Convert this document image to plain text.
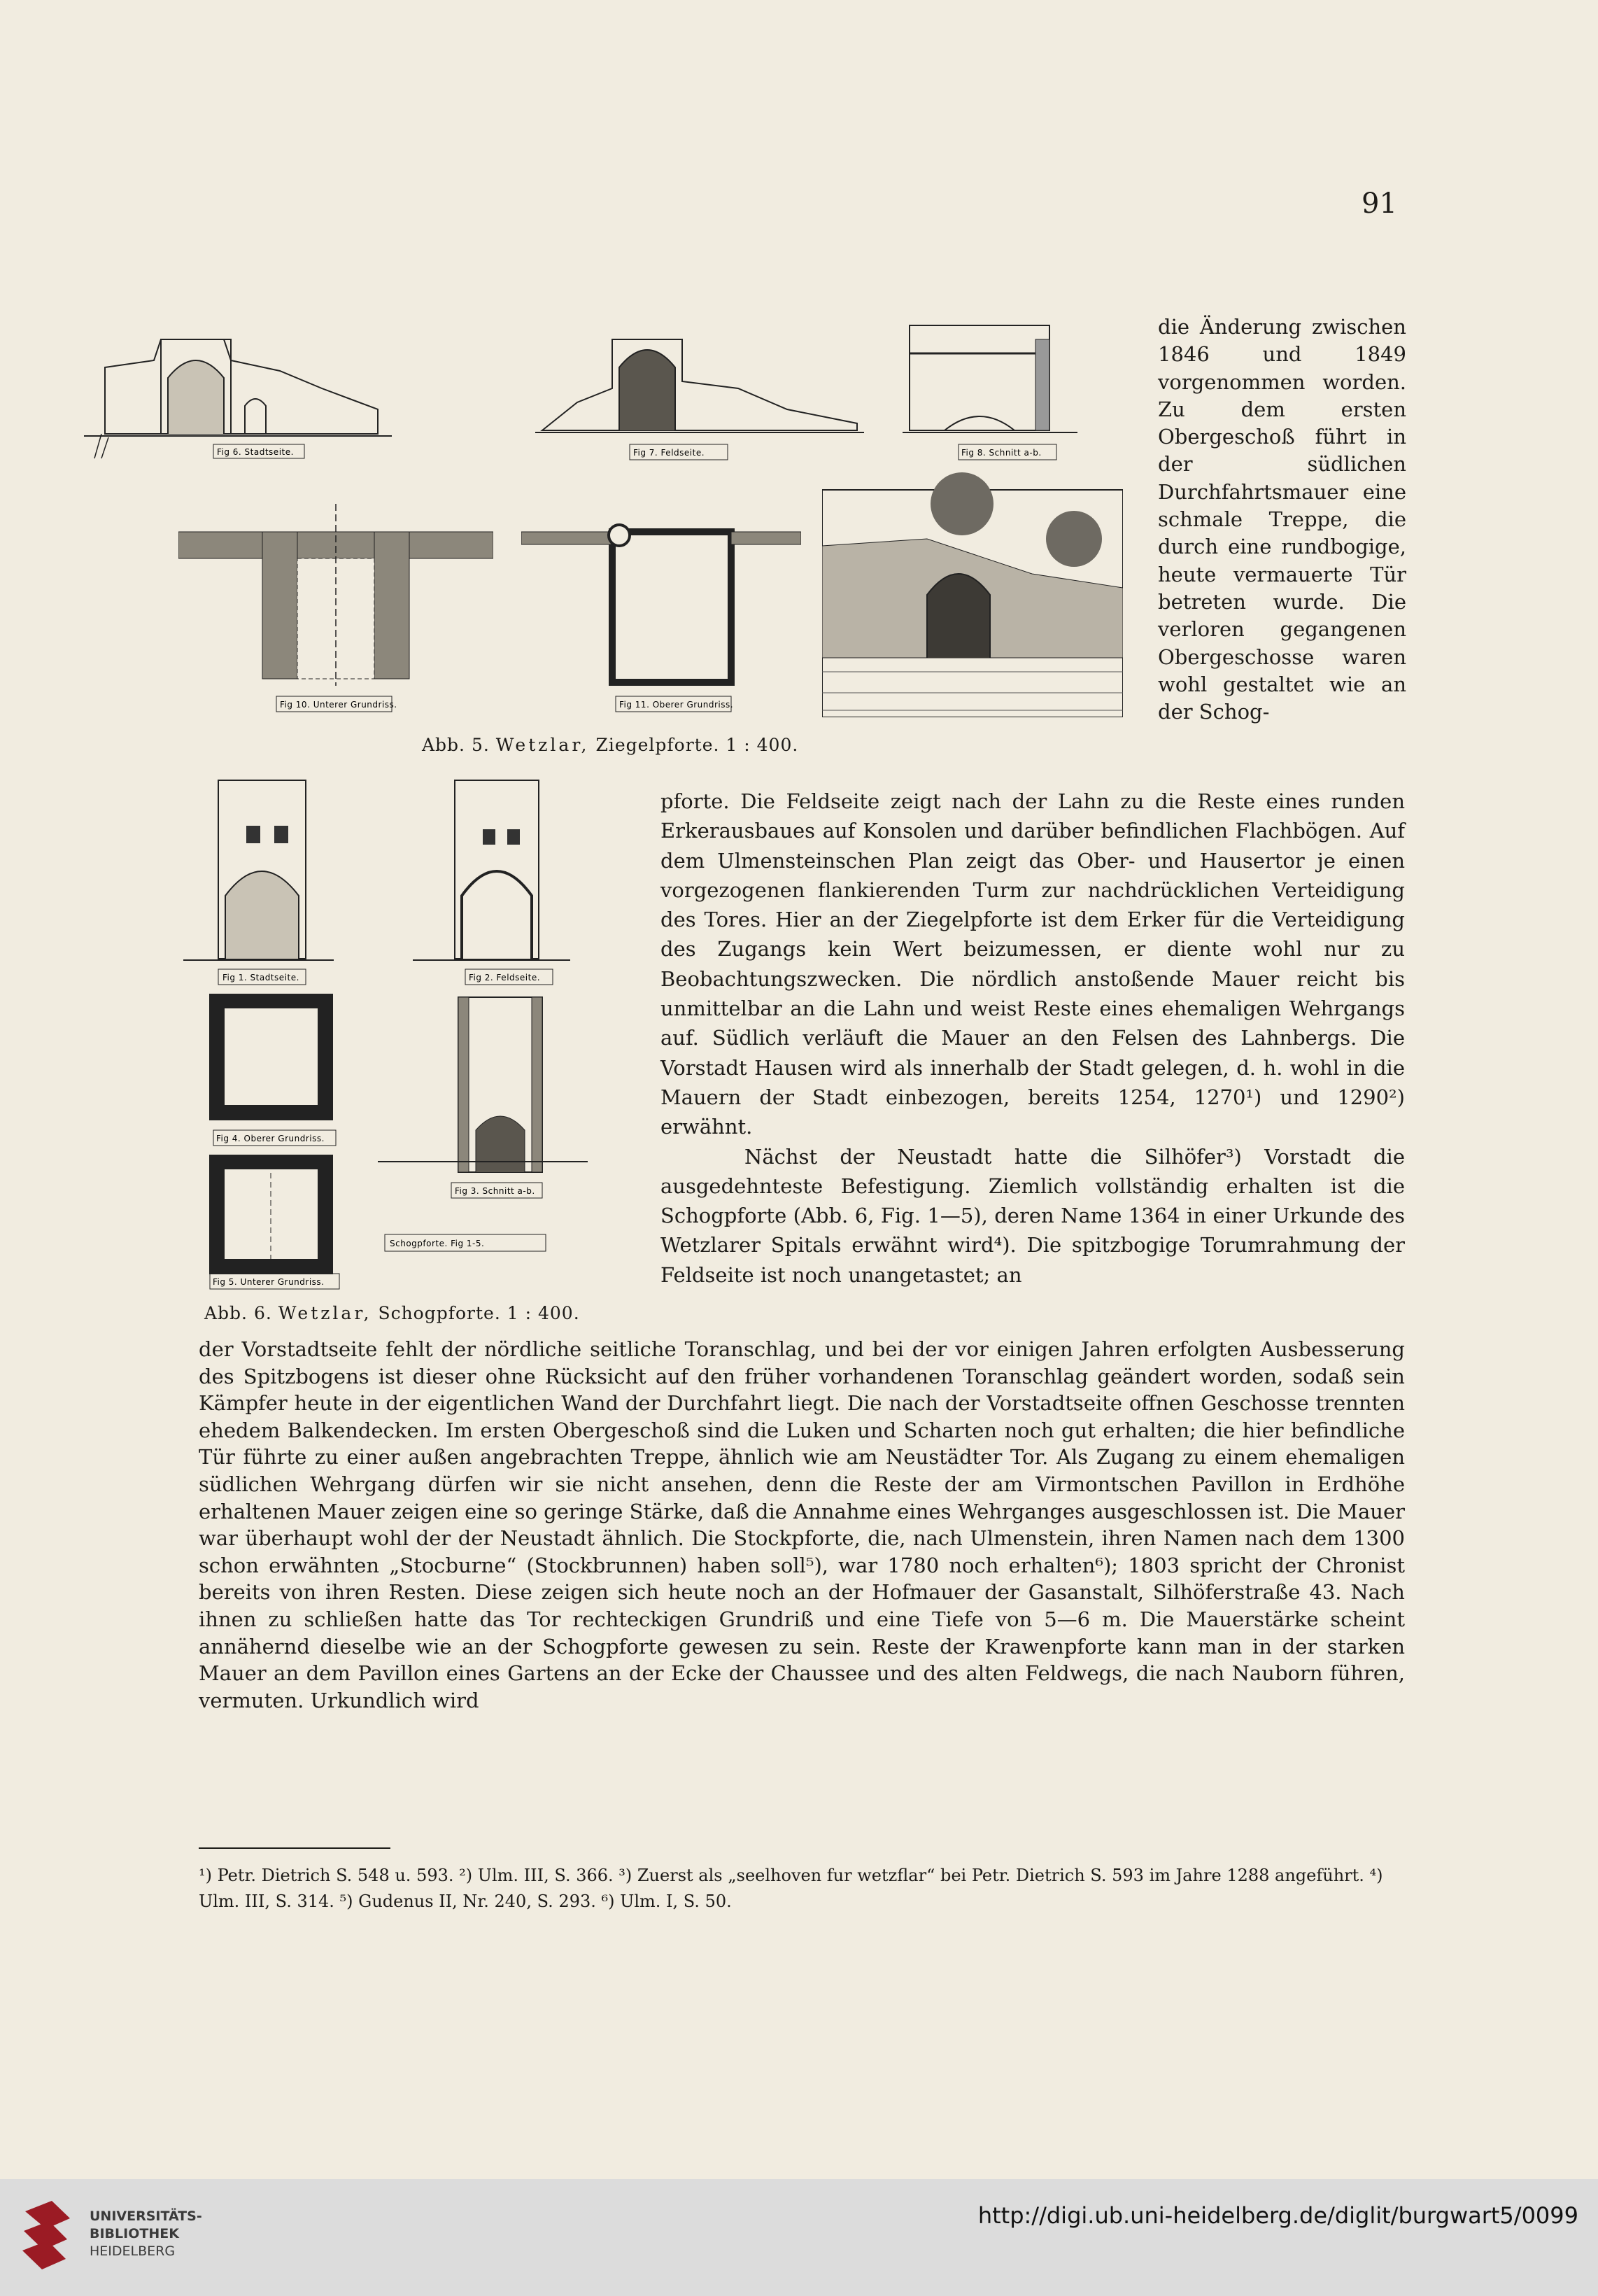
91
Fig 6. Stadtseite.	Fig 7. Feldseite.	Fig 8. Schnitt a-b.
Fig 10. Unterer Grundriss.	Fig 11. Oberer Grundriss.
Abb. 5. Wetzlar, Ziegelpforte. 1 : 400.
Fig 1. Stadtseite.	Fig 2. Feldseite.
Fig 4. Oberer Grundriss.
Fig 3. Schnitt a-b.
Schogpforte. Fig 1-5.
Fig 5. Unterer Grundriss.
Abb. 6. Wetzlar, Schogpforte. 1 : 400.

die Änderung zwischen 1846 und 1849 vorgenommen worden. Zu dem ersten Obergeschoß führt in der südlichen Durchfahrtsmauer eine schmale Treppe, die durch eine rundbogige, heute vermauerte Tür betreten wurde. Die verloren gegangenen Obergeschosse waren wohl gestaltet wie an der Schog-

pforte. Die Feldseite zeigt nach der Lahn zu die Reste eines runden Erkerausbaues auf Konsolen und darüber befindlichen Flachbögen. Auf dem Ulmensteinschen Plan zeigt das Ober- und Hausertor je einen vorgezogenen flankierenden Turm zur nachdrücklichen Verteidigung des Tores. Hier an der Ziegelpforte ist dem Erker für die Verteidigung des Zugangs kein Wert beizumessen, er diente wohl nur zu Beobachtungszwecken. Die nördlich anstoßende Mauer reicht bis unmittelbar an die Lahn und weist Reste eines ehemaligen Wehrgangs auf. Südlich verläuft die Mauer an den Felsen des Lahnbergs. Die Vorstadt Hausen wird als innerhalb der Stadt gelegen, d. h. wohl in die Mauern der Stadt einbezogen, bereits 1254, 1270¹) und 1290²) erwähnt.

Nächst der Neustadt hatte die Silhöfer³) Vorstadt die ausgedehnteste Befestigung. Ziemlich vollständig erhalten ist die Schogpforte (Abb. 6, Fig. 1—5), deren Name 1364 in einer Urkunde des Wetzlarer Spitals erwähnt wird⁴). Die spitzbogige Torumrahmung der Feldseite ist noch unangetastet; an

der Vorstadtseite fehlt der nördliche seitliche Toranschlag, und bei der vor einigen Jahren erfolgten Ausbesserung des Spitzbogens ist dieser ohne Rücksicht auf den früher vorhandenen Toranschlag geändert worden, sodaß sein Kämpfer heute in der eigentlichen Wand der Durchfahrt liegt. Die nach der Vorstadtseite offnen Geschosse trennten ehedem Balkendecken. Im ersten Obergeschoß sind die Luken und Scharten noch gut erhalten; die hier befindliche Tür führte zu einer außen angebrachten Treppe, ähnlich wie am Neustädter Tor. Als Zugang zu einem ehemaligen südlichen Wehrgang dürfen wir sie nicht ansehen, denn die Reste der am Virmontschen Pavillon in Erdhöhe erhaltenen Mauer zeigen eine so geringe Stärke, daß die Annahme eines Wehrganges ausgeschlossen ist. Die Mauer war überhaupt wohl der der Neustadt ähnlich. Die Stockpforte, die, nach Ulmenstein, ihren Namen nach dem 1300 schon erwähnten „Stocburne“ (Stockbrunnen) haben soll⁵), war 1780 noch erhalten⁶); 1803 spricht der Chronist bereits von ihren Resten. Diese zeigen sich heute noch an der Hofmauer der Gasanstalt, Silhöferstraße 43. Nach ihnen zu schließen hatte das Tor rechteckigen Grundriß und eine Tiefe von 5—6 m. Die Mauerstärke scheint annähernd dieselbe wie an der Schogpforte gewesen zu sein. Reste der Krawenpforte kann man in der starken Mauer an dem Pavillon eines Gartens an der Ecke der Chaussee und des alten Feldwegs, die nach Nauborn führen, vermuten. Urkundlich wird

¹) Petr. Dietrich S. 548 u. 593. ²) Ulm. III, S. 366. ³) Zuerst als „seelhoven fur wetzflar“ bei Petr. Dietrich S. 593 im Jahre 1288 angeführt. ⁴) Ulm. III, S. 314. ⁵) Gudenus II, Nr. 240, S. 293. ⁶) Ulm. I, S. 50.
UNIVERSITÄTS-
BIBLIOTHEK
HEIDELBERG
http://digi.ub.uni-heidelberg.de/diglit/burgwart5/0099
